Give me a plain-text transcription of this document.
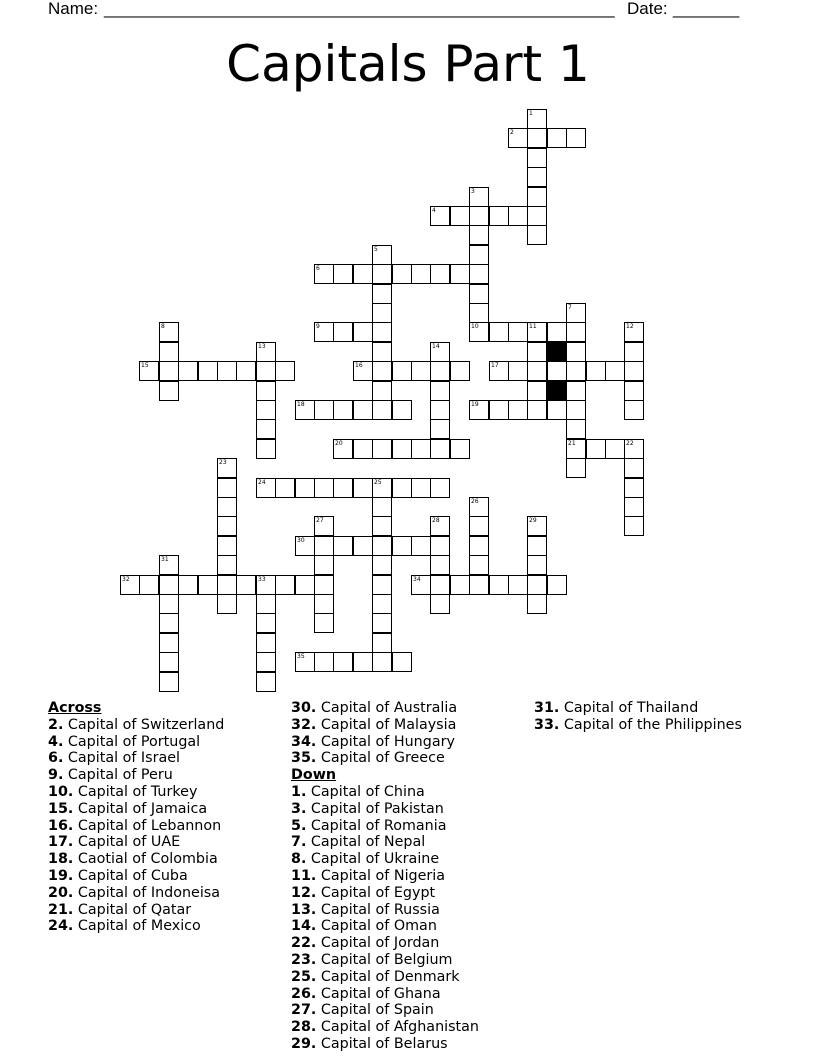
Name: ______________________________________________________ Date: _______
Capitals Part 1
1
2
3
10
4
5
6
7
21
8	9	11	12
13	14
15	16	17
18	19
20	22
23
24	25
26
27	28	29
30
31
32	33	34
35
Across
2. Capital of Switzerland
4. Capital of Portugal
6. Capital of Israel
9. Capital of Peru
10. Capital of Turkey
15. Capital of Jamaica
16. Capital of Lebannon
17. Capital of UAE
18. Caotial of Colombia
19. Capital of Cuba
20. Capital of Indoneisa
21. Capital of Qatar
24. Capital of Mexico
30. Capital of Australia
32. Capital of Malaysia
34. Capital of Hungary
35. Capital of Greece
Down
1. Capital of China
3. Capital of Pakistan
5. Capital of Romania
7. Capital of Nepal
8. Capital of Ukraine
11. Capital of Nigeria
12. Capital of Egypt
13. Capital of Russia
14. Capital of Oman
22. Capital of Jordan
23. Capital of Belgium
25. Capital of Denmark
26. Capital of Ghana
27. Capital of Spain
28. Capital of Afghanistan
29. Capital of Belarus
31. Capital of Thailand
33. Capital of the Philippines
